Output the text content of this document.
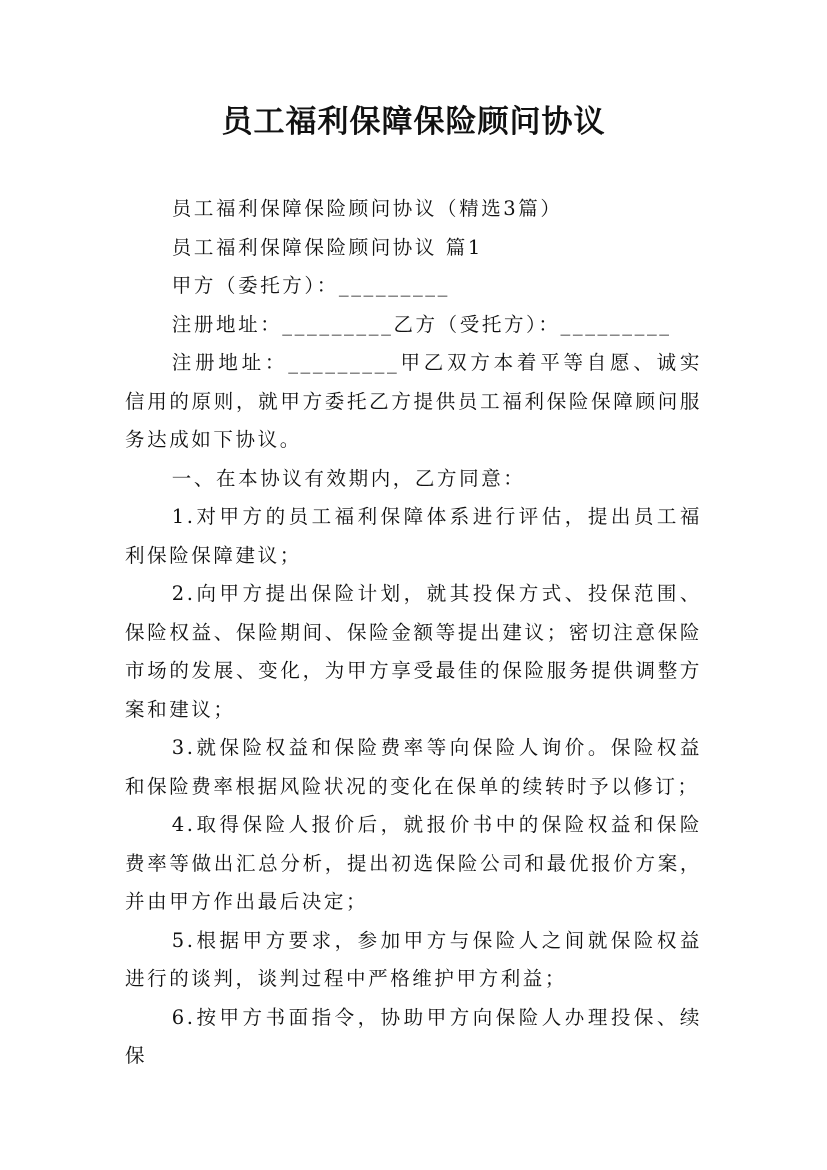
员工福利保障保险顾问协议

员工福利保障保险顾问协议（精选3篇）

员工福利保障保险顾问协议 篇1

甲方（委托方）：_________

注册地址：_________乙方（受托方）：_________

注册地址：_________甲乙双方本着平等自愿、诚实信用的原则，就甲方委托乙方提供员工福利保险保障顾问服务达成如下协议。

一、在本协议有效期内，乙方同意：

1.对甲方的员工福利保障体系进行评估，提出员工福利保险保障建议；

2.向甲方提出保险计划，就其投保方式、投保范围、保险权益、保险期间、保险金额等提出建议；密切注意保险市场的发展、变化，为甲方享受最佳的保险服务提供调整方案和建议；

3.就保险权益和保险费率等向保险人询价。保险权益和保险费率根据风险状况的变化在保单的续转时予以修订；

4.取得保险人报价后，就报价书中的保险权益和保险费率等做出汇总分析，提出初选保险公司和最优报价方案，并由甲方作出最后决定；

5.根据甲方要求，参加甲方与保险人之间就保险权益进行的谈判，谈判过程中严格维护甲方利益；

6.按甲方书面指令，协助甲方向保险人办理投保、续保
